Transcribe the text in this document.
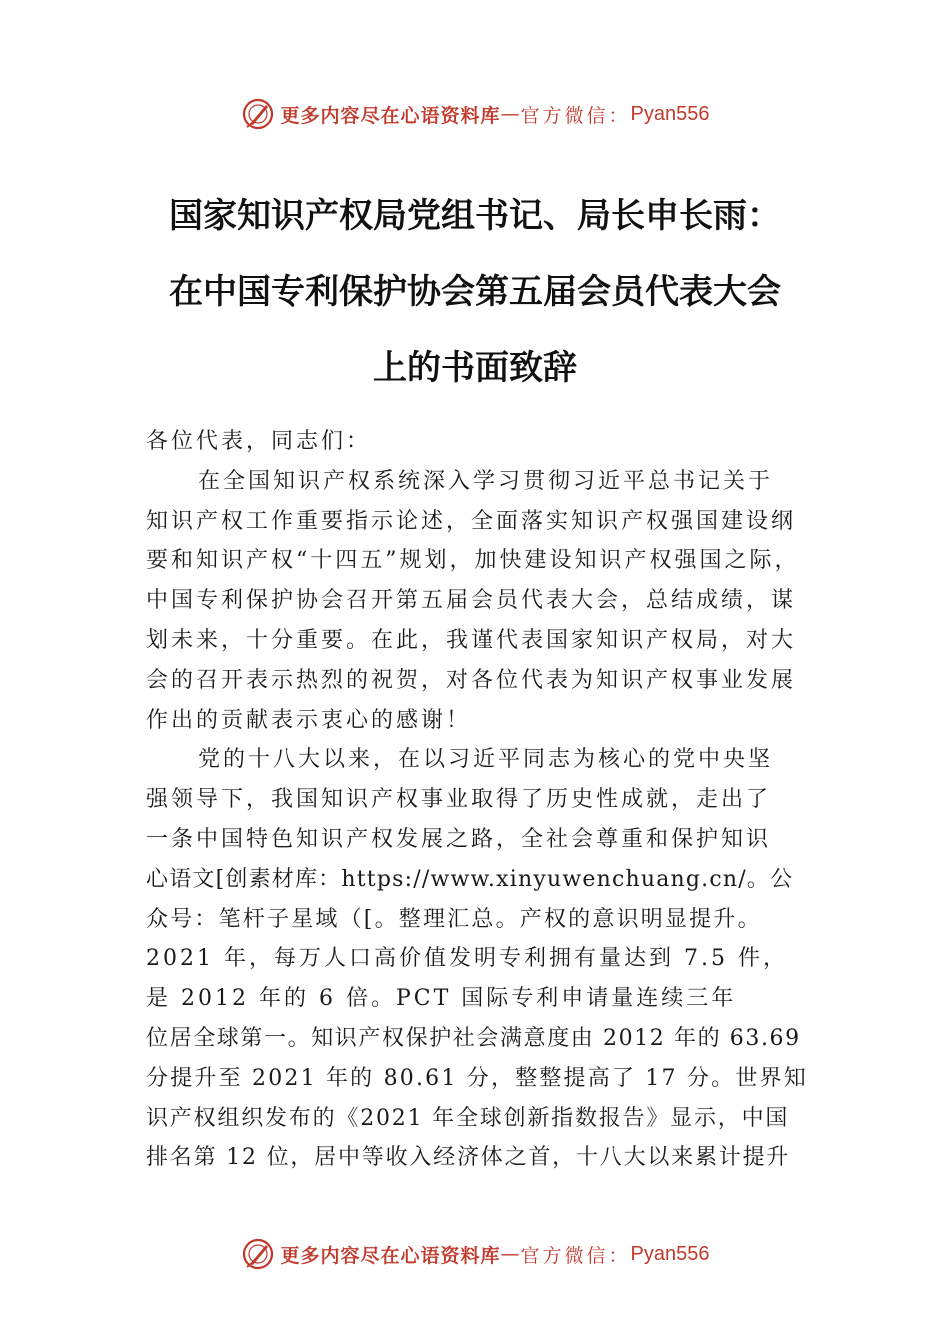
更多内容尽在心语资料库 — 官方微信： Pyan556
国家知识产权局党组书记、局长申长雨：
在中国专利保护协会第五届会员代表大会
上的书面致辞
各位代表，同志们：
在全国知识产权系统深入学习贯彻习近平总书记关于
知识产权工作重要指示论述，全面落实知识产权强国建设纲
要和知识产权“十四五”规划，加快建设知识产权强国之际，
中国专利保护协会召开第五届会员代表大会，总结成绩，谋
划未来，十分重要。在此，我谨代表国家知识产权局，对大
会的召开表示热烈的祝贺，对各位代表为知识产权事业发展
作出的贡献表示衷心的感谢！
党的十八大以来，在以习近平同志为核心的党中央坚
强领导下，我国知识产权事业取得了历史性成就，走出了
一条中国特色知识产权发展之路，全社会尊重和保护知识
心语文[创素材库：https://www.xinyuwenchuang.cn/。公
众号：笔杆子星域（[。整理汇总。产权的意识明显提升。
2021 年，每万人口高价值发明专利拥有量达到 7.5 件，
是 2012 年的 6 倍。PCT 国际专利申请量连续三年
位居全球第一。知识产权保护社会满意度由 2012 年的 63.69
分提升至 2021 年的 80.61 分，整整提高了 17 分。世界知
识产权组织发布的《2021 年全球创新指数报告》显示，中国
排名第 12 位，居中等收入经济体之首，十八大以来累计提升
更多内容尽在心语资料库 — 官方微信： Pyan556
